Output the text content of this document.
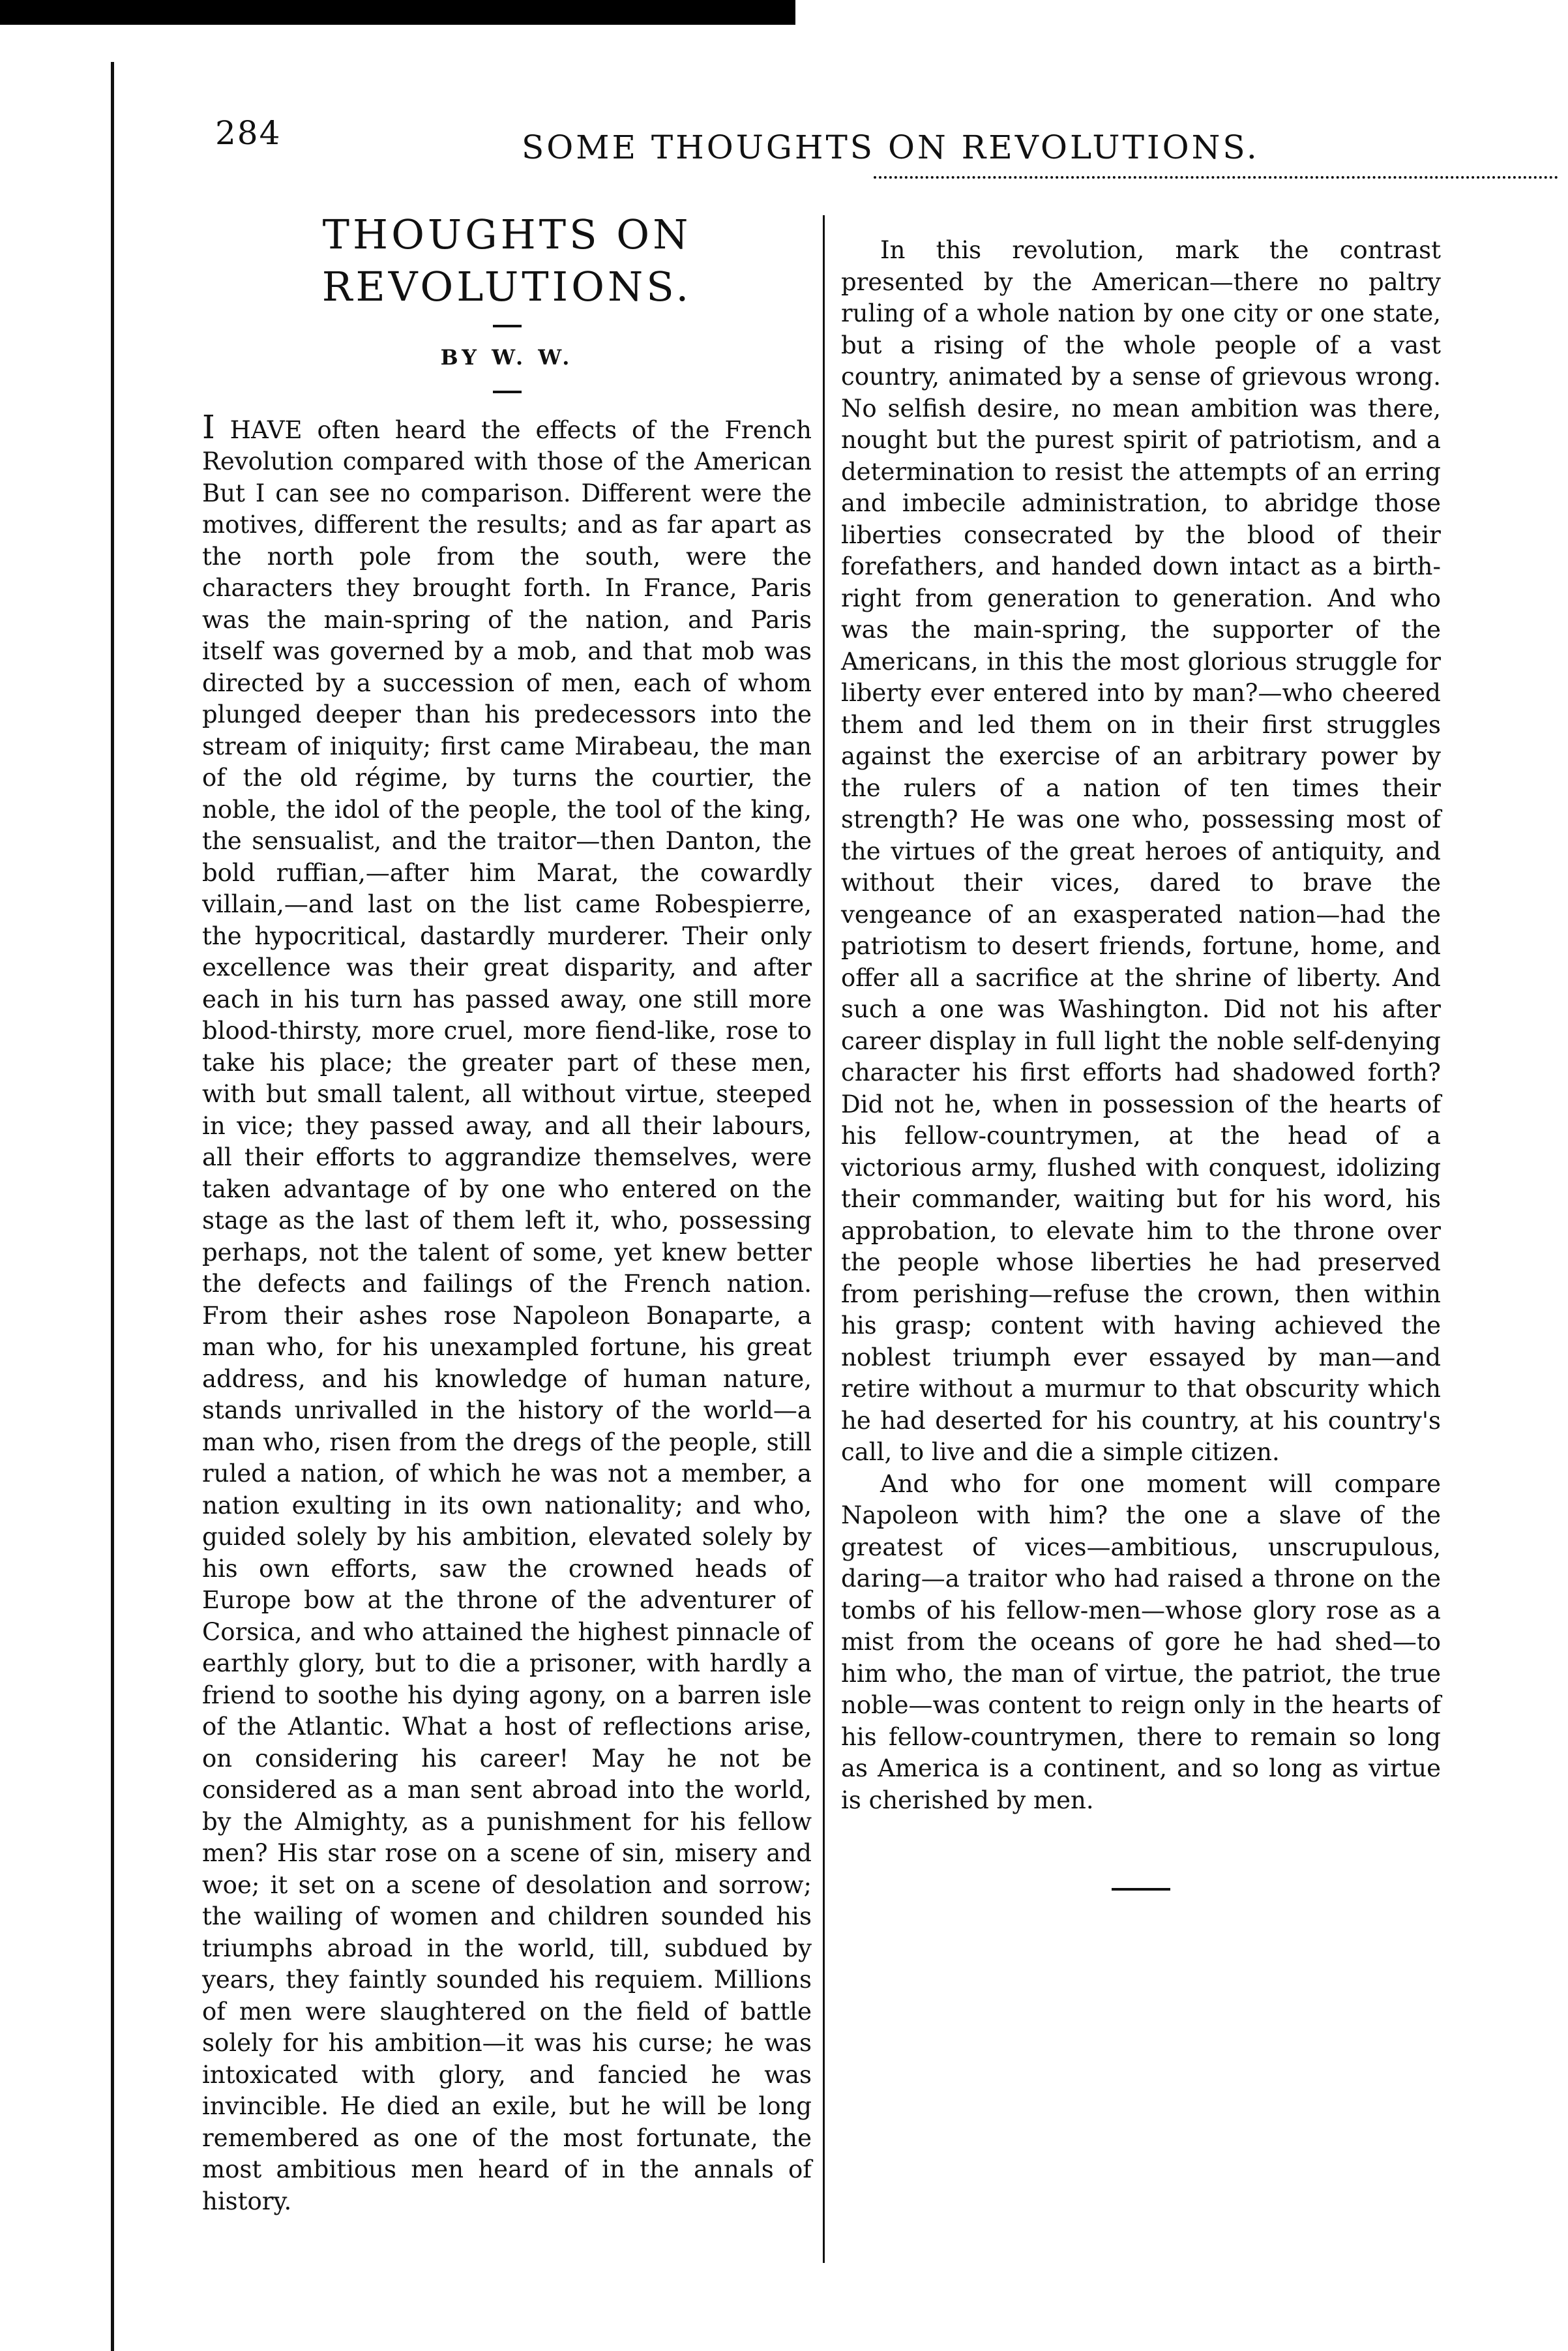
284	SOME THOUGHTS ON REVOLUTIONS.
THOUGHTS ON REVOLUTIONS.
BY W. W.

I HAVE often heard the effects of the French Revolution compared with those of the American But I can see no comparison. Different were the motives, different the results; and as far apart as the north pole from the south, were the characters they brought forth. In France, Paris was the main-spring of the nation, and Paris itself was governed by a mob, and that mob was directed by a succession of men, each of whom plunged deeper than his predecessors into the stream of iniquity; first came Mirabeau, the man of the old régime, by turns the courtier, the noble, the idol of the people, the tool of the king, the sensualist, and the traitor—then Danton, the bold ruffian,—after him Marat, the cowardly villain,—and last on the list came Robespierre, the hypocritical, dastardly murderer. Their only excellence was their great disparity, and after each in his turn has passed away, one still more blood-thirsty, more cruel, more fiend-like, rose to take his place; the greater part of these men, with but small talent, all without virtue, steeped in vice; they passed away, and all their labours, all their efforts to aggrandize themselves, were taken advantage of by one who entered on the stage as the last of them left it, who, possessing perhaps, not the talent of some, yet knew better the defects and failings of the French nation. From their ashes rose Napoleon Bonaparte, a man who, for his unexampled fortune, his great address, and his knowledge of human nature, stands unrivalled in the history of the world—a man who, risen from the dregs of the people, still ruled a nation, of which he was not a member, a nation exulting in its own nationality; and who, guided solely by his ambition, elevated solely by his own efforts, saw the crowned heads of Europe bow at the throne of the adventurer of Corsica, and who attained the highest pinnacle of earthly glory, but to die a prisoner, with hardly a friend to soothe his dying agony, on a barren isle of the Atlantic. What a host of reflections arise, on considering his career! May he not be considered as a man sent abroad into the world, by the Almighty, as a punishment for his fellow men? His star rose on a scene of sin, misery and woe; it set on a scene of desolation and sorrow; the wailing of women and children sounded his triumphs abroad in the world, till, subdued by years, they faintly sounded his requiem. Millions of men were slaughtered on the field of battle solely for his ambition—it was his curse; he was intoxicated with glory, and fancied he was invincible. He died an exile, but he will be long remembered as one of the most fortunate, the most ambitious men heard of in the annals of history.

In this revolution, mark the contrast presented by the American—there no paltry ruling of a whole nation by one city or one state, but a rising of the whole people of a vast country, animated by a sense of grievous wrong. No selfish desire, no mean ambition was there, nought but the purest spirit of patriotism, and a determination to resist the attempts of an erring and imbecile administration, to abridge those liberties consecrated by the blood of their forefathers, and handed down intact as a birth-right from generation to generation. And who was the main-spring, the supporter of the Americans, in this the most glorious struggle for liberty ever entered into by man?—who cheered them and led them on in their first struggles against the exercise of an arbitrary power by the rulers of a nation of ten times their strength? He was one who, possessing most of the virtues of the great heroes of antiquity, and without their vices, dared to brave the vengeance of an exasperated nation—had the patriotism to desert friends, fortune, home, and offer all a sacrifice at the shrine of liberty. And such a one was Washington. Did not his after career display in full light the noble self-denying character his first efforts had shadowed forth? Did not he, when in possession of the hearts of his fellow-countrymen, at the head of a victorious army, flushed with conquest, idolizing their commander, waiting but for his word, his approbation, to elevate him to the throne over the people whose liberties he had preserved from perishing—refuse the crown, then within his grasp; content with having achieved the noblest triumph ever essayed by man—and retire without a murmur to that obscurity which he had deserted for his country, at his country's call, to live and die a simple citizen.

And who for one moment will compare Napoleon with him? the one a slave of the greatest of vices—ambitious, unscrupulous, daring—a traitor who had raised a throne on the tombs of his fellow-men—whose glory rose as a mist from the oceans of gore he had shed—to him who, the man of virtue, the patriot, the true noble—was content to reign only in the hearts of his fellow-countrymen, there to remain so long as America is a continent, and so long as virtue is cherished by men.
